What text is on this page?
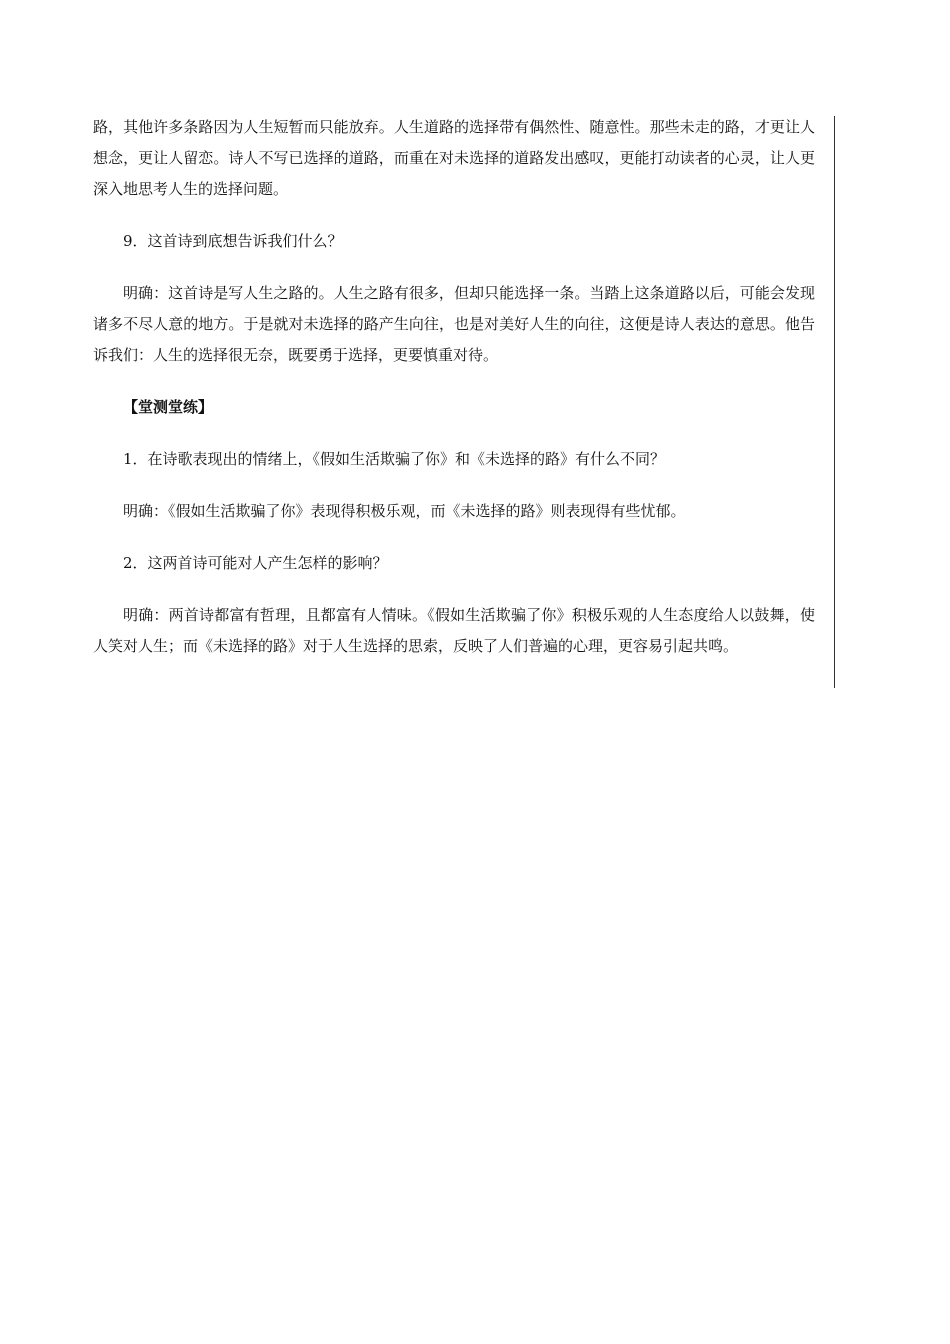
路，其他许多条路因为人生短暂而只能放弃。人生道路的选择带有偶然性、随意性。那些未走的路，才更让人想念，更让人留恋。诗人不写已选择的道路，而重在对未选择的道路发出感叹，更能打动读者的心灵，让人更深入地思考人生的选择问题。

9．这首诗到底想告诉我们什么？

明确：这首诗是写人生之路的。人生之路有很多，但却只能选择一条。当踏上这条道路以后，可能会发现诸多不尽人意的地方。于是就对未选择的路产生向往，也是对美好人生的向往，这便是诗人表达的意思。他告诉我们：人生的选择很无奈，既要勇于选择，更要慎重对待。

【堂测堂练】

1．在诗歌表现出的情绪上，《假如生活欺骗了你》和《未选择的路》有什么不同？

明确：《假如生活欺骗了你》表现得积极乐观，而《未选择的路》则表现得有些忧郁。

2．这两首诗可能对人产生怎样的影响？

明确：两首诗都富有哲理，且都富有人情味。《假如生活欺骗了你》积极乐观的人生态度给人以鼓舞，使人笑对人生；而《未选择的路》对于人生选择的思索，反映了人们普遍的心理，更容易引起共鸣。
